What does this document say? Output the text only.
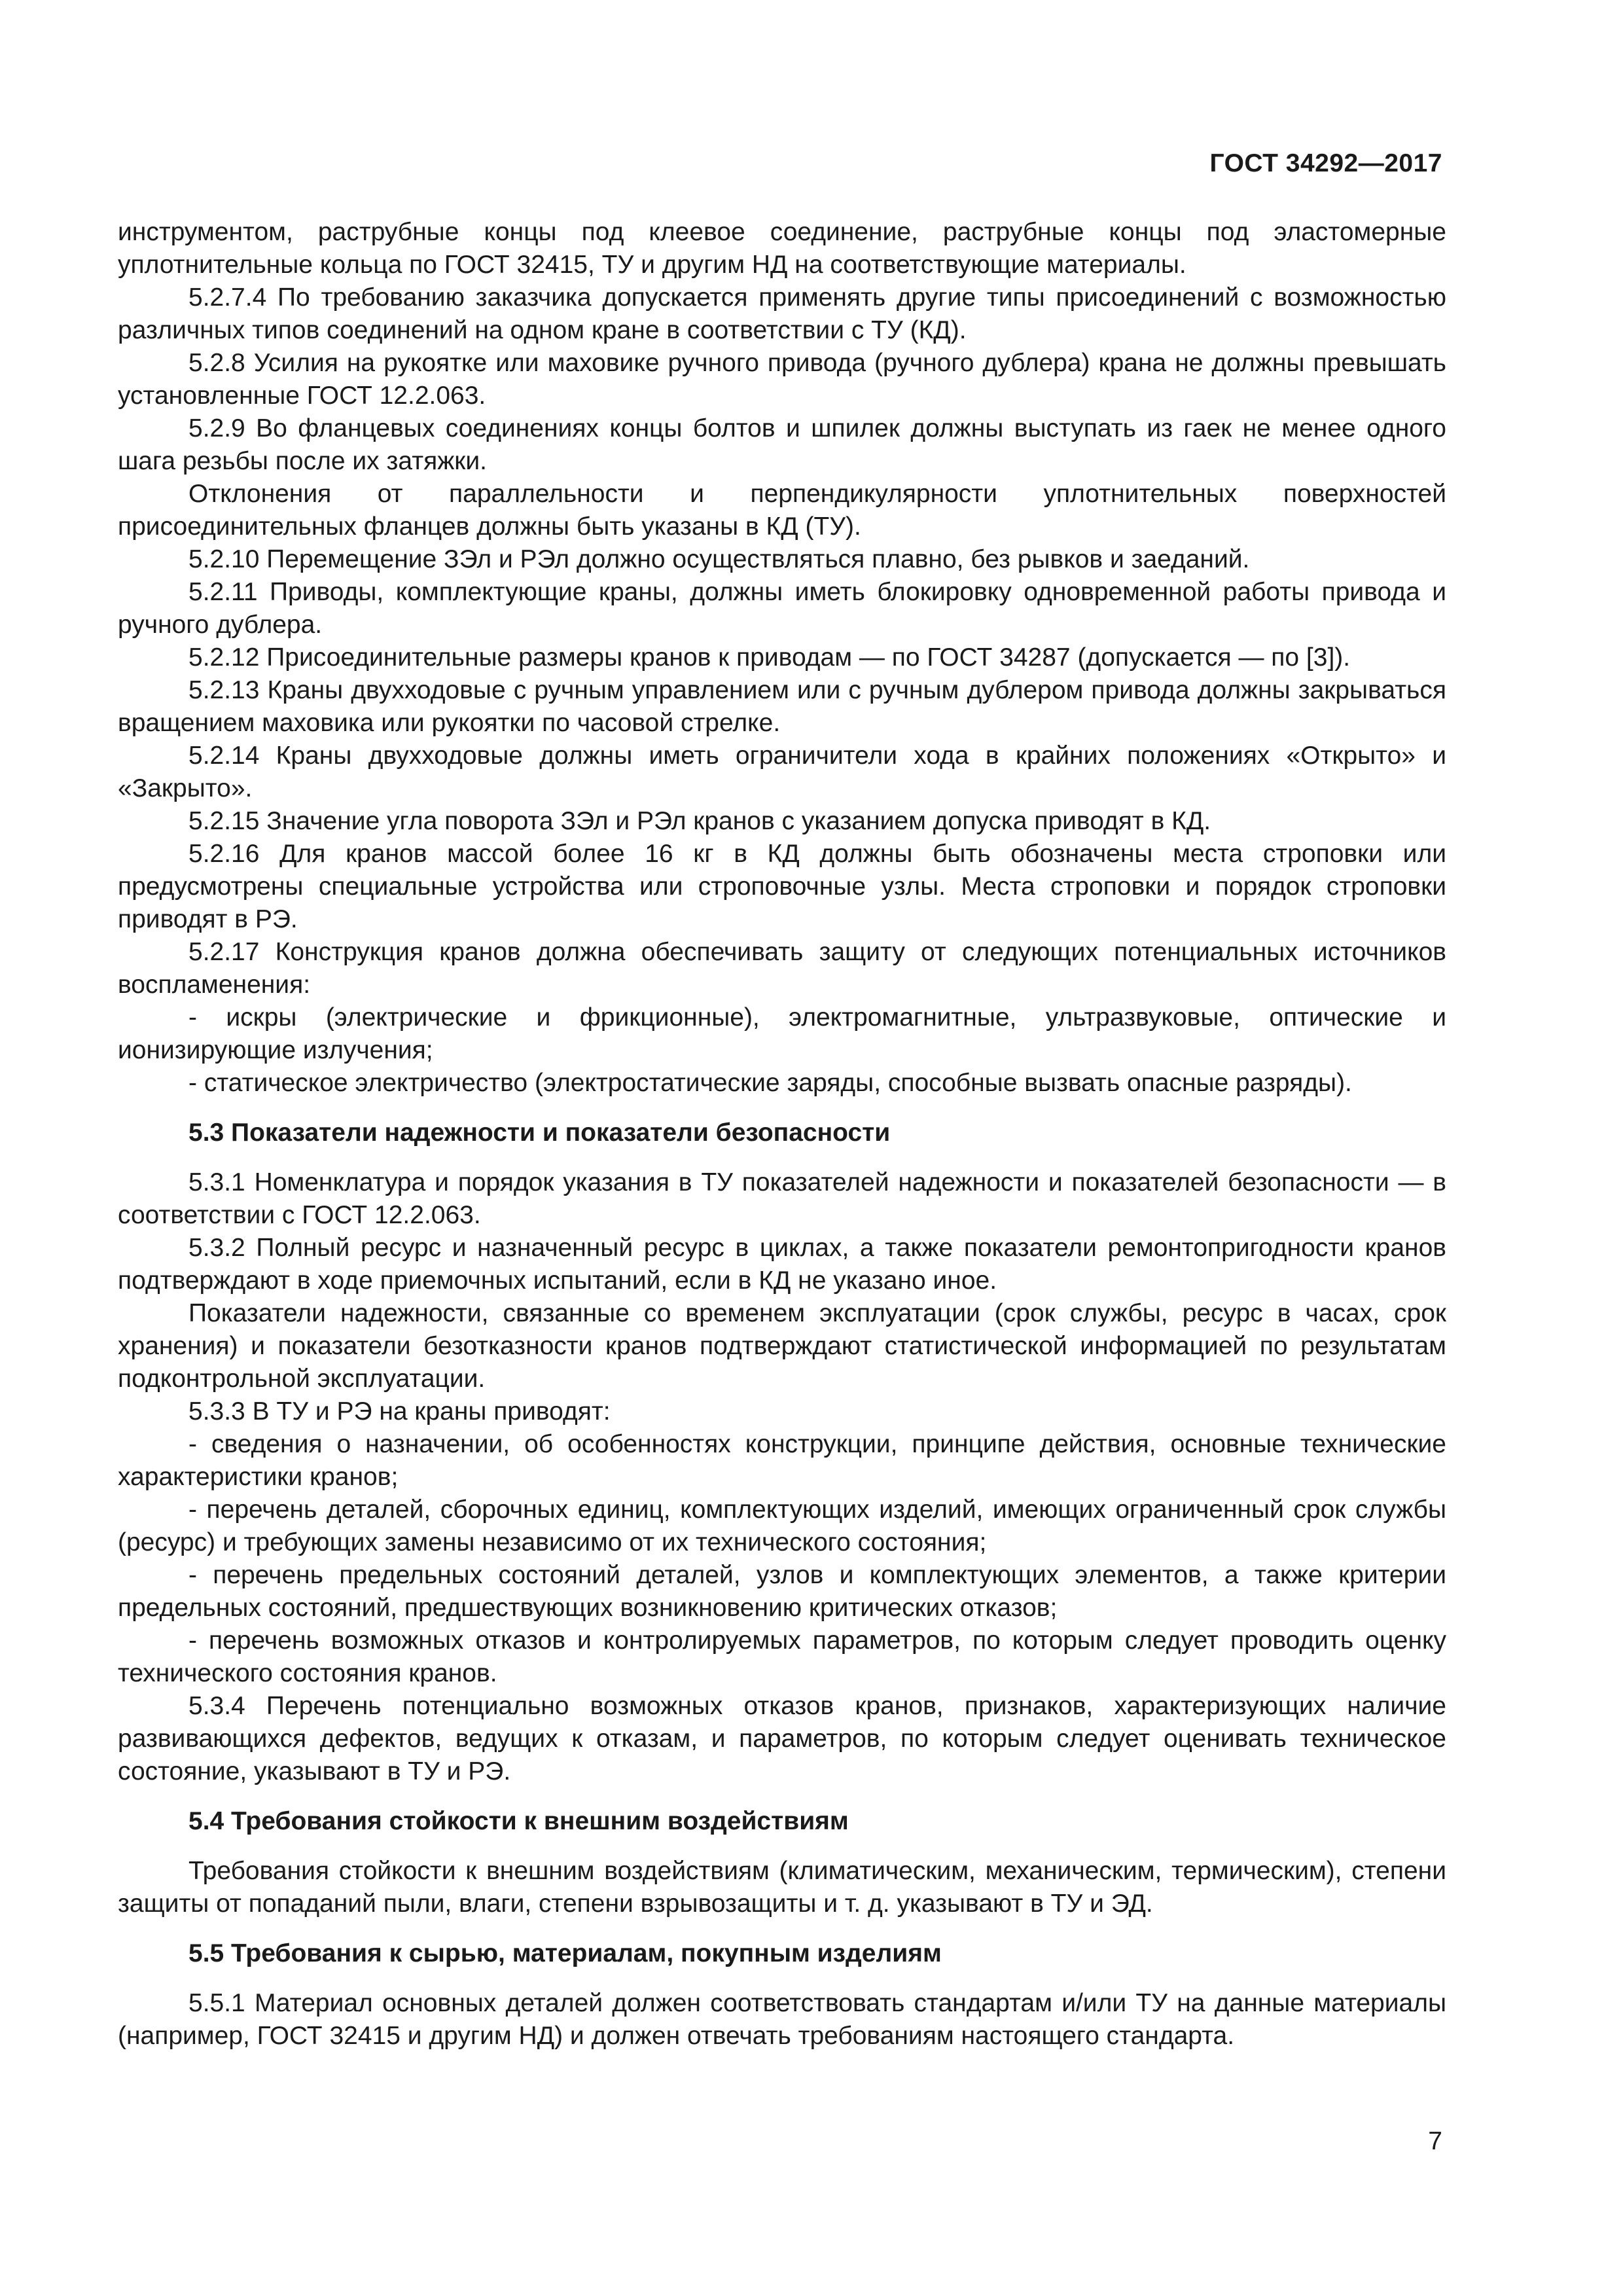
ГОСТ 34292—2017
инструментом, раструбные концы под клеевое соединение, раструбные концы под эластомерные уплотнительные кольца по ГОСТ 32415, ТУ и другим НД на соответствующие материалы.
5.2.7.4 По требованию заказчика допускается применять другие типы присоединений с возможностью различных типов соединений на одном кране в соответствии с ТУ (КД).
5.2.8 Усилия на рукоятке или маховике ручного привода (ручного дублера) крана не должны превышать установленные ГОСТ 12.2.063.
5.2.9 Во фланцевых соединениях концы болтов и шпилек должны выступать из гаек не менее одного шага резьбы после их затяжки.
Отклонения от параллельности и перпендикулярности уплотнительных поверхностей присоединительных фланцев должны быть указаны в КД (ТУ).
5.2.10 Перемещение ЗЭл и РЭл должно осуществляться плавно, без рывков и заеданий.
5.2.11 Приводы, комплектующие краны, должны иметь блокировку одновременной работы привода и ручного дублера.
5.2.12 Присоединительные размеры кранов к приводам — по ГОСТ 34287 (допускается — по [3]).
5.2.13 Краны двухходовые с ручным управлением или с ручным дублером привода должны закрываться вращением маховика или рукоятки по часовой стрелке.
5.2.14 Краны двухходовые должны иметь ограничители хода в крайних положениях «Открыто» и «Закрыто».
5.2.15 Значение угла поворота ЗЭл и РЭл кранов с указанием допуска приводят в КД.
5.2.16 Для кранов массой более 16 кг в КД должны быть обозначены места строповки или предусмотрены специальные устройства или строповочные узлы. Места строповки и порядок строповки приводят в РЭ.
5.2.17 Конструкция кранов должна обеспечивать защиту от следующих потенциальных источников воспламенения:
- искры (электрические и фрикционные), электромагнитные, ультразвуковые, оптические и ионизирующие излучения;
- статическое электричество (электростатические заряды, способные вызвать опасные разряды).
5.3 Показатели надежности и показатели безопасности
5.3.1 Номенклатура и порядок указания в ТУ показателей надежности и показателей безопасности — в соответствии с ГОСТ 12.2.063.
5.3.2 Полный ресурс и назначенный ресурс в циклах, а также показатели ремонтопригодности кранов подтверждают в ходе приемочных испытаний, если в КД не указано иное.
Показатели надежности, связанные со временем эксплуатации (срок службы, ресурс в часах, срок хранения) и показатели безотказности кранов подтверждают статистической информацией по результатам подконтрольной эксплуатации.
5.3.3 В ТУ и РЭ на краны приводят:
- сведения о назначении, об особенностях конструкции, принципе действия, основные технические характеристики кранов;
- перечень деталей, сборочных единиц, комплектующих изделий, имеющих ограниченный срок службы (ресурс) и требующих замены независимо от их технического состояния;
- перечень предельных состояний деталей, узлов и комплектующих элементов, а также критерии предельных состояний, предшествующих возникновению критических отказов;
- перечень возможных отказов и контролируемых параметров, по которым следует проводить оценку технического состояния кранов.
5.3.4 Перечень потенциально возможных отказов кранов, признаков, характеризующих наличие развивающихся дефектов, ведущих к отказам, и параметров, по которым следует оценивать техническое состояние, указывают в ТУ и РЭ.
5.4 Требования стойкости к внешним воздействиям
Требования стойкости к внешним воздействиям (климатическим, механическим, термическим), степени защиты от попаданий пыли, влаги, степени взрывозащиты и т. д. указывают в ТУ и ЭД.
5.5 Требования к сырью, материалам, покупным изделиям
5.5.1 Материал основных деталей должен соответствовать стандартам и/или ТУ на данные материалы (например, ГОСТ 32415 и другим НД) и должен отвечать требованиям настоящего стандарта.
7
